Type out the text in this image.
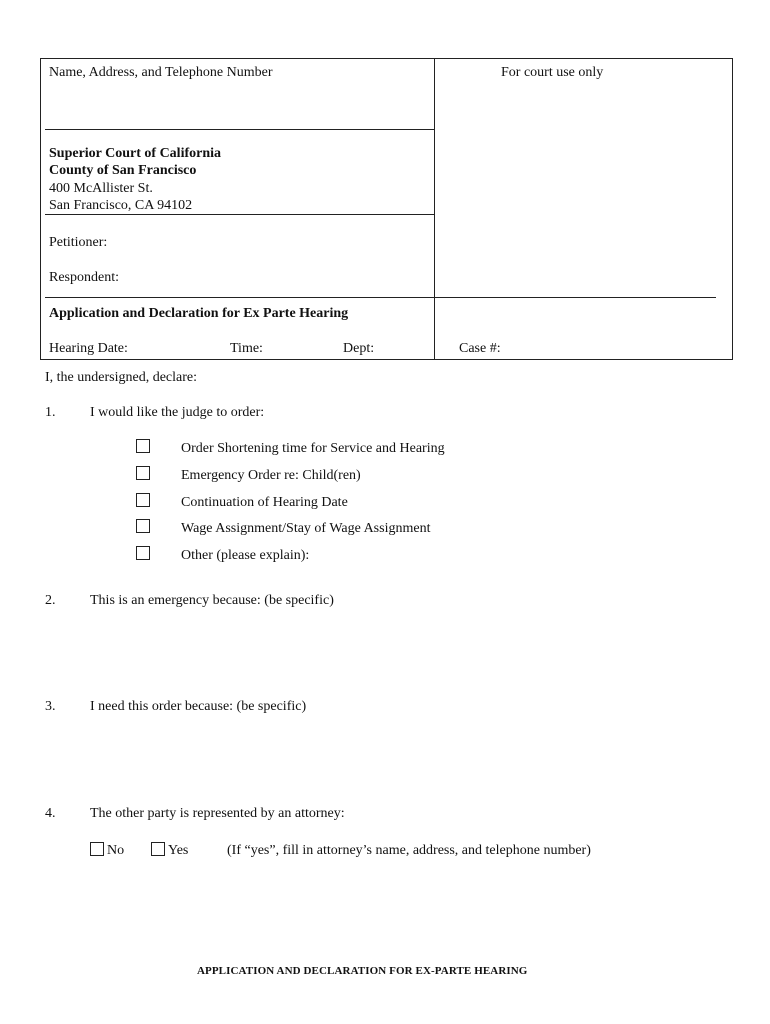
Name, Address, and Telephone Number	For court use only
Superior Court of California
County of San Francisco
400 McAllister St.
San Francisco, CA 94102
Petitioner:
Respondent:
Application and Declaration for Ex Parte Hearing
Hearing Date:	Time:	Dept:	Case #:
I, the undersigned, declare:
1. I would like the judge to order:
Order Shortening time for Service and Hearing
Emergency Order re: Child(ren)
Continuation of Hearing Date
Wage Assignment/Stay of Wage Assignment
Other (please explain):
2. This is an emergency because: (be specific)
3. I need this order because: (be specific)
4. The other party is represented by an attorney:
No	Yes	(If “yes”, fill in attorney’s name, address, and telephone number)
APPLICATION AND DECLARATION FOR EX-PARTE HEARING
